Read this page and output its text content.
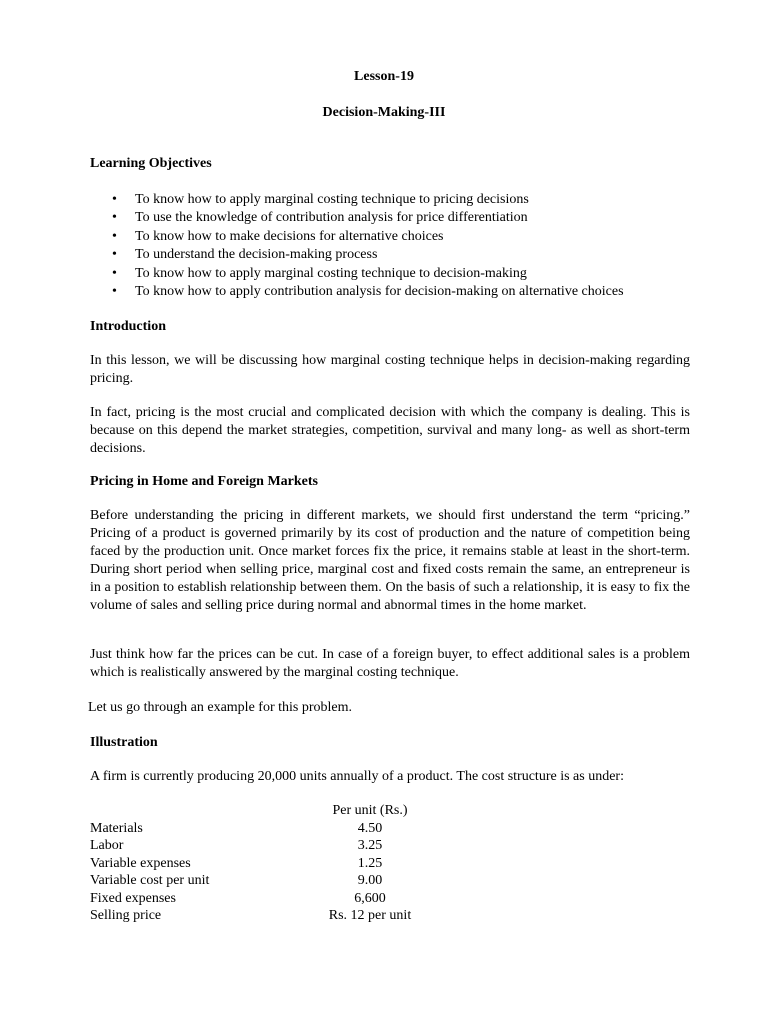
Lesson-19
Decision-Making-III
Learning Objectives
• To know how to apply marginal costing technique to pricing decisions
• To use the knowledge of contribution analysis for price differentiation
• To know how to make decisions for alternative choices
• To understand the decision-making process
• To know how to apply marginal costing technique to decision-making
• To know how to apply contribution analysis for decision-making on alternative choices
Introduction
In this lesson, we will be discussing how marginal costing technique helps in decision-making regarding pricing.
In fact, pricing is the most crucial and complicated decision with which the company is dealing. This is because on this depend the market strategies, competition, survival and many long- as well as short-term decisions.
Pricing in Home and Foreign Markets
Before understanding the pricing in different markets, we should first understand the term “pricing.” Pricing of a product is governed primarily by its cost of production and the nature of competition being faced by the production unit. Once market forces fix the price, it remains stable at least in the short-term. During short period when selling price, marginal cost and fixed costs remain the same, an entrepreneur is in a position to establish relationship between them. On the basis of such a relationship, it is easy to fix the volume of sales and selling price during normal and abnormal times in the home market.
Just think how far the prices can be cut. In case of a foreign buyer, to effect additional sales is a problem which is realistically answered by the marginal costing technique.
Let us go through an example for this problem.
Illustration
A firm is currently producing 20,000 units annually of a product. The cost structure is as under:
	Per unit (Rs.)
Materials	4.50
Labor	3.25
Variable expenses	1.25
Variable cost per unit	9.00
Fixed expenses	6,600
Selling price	Rs. 12 per unit
